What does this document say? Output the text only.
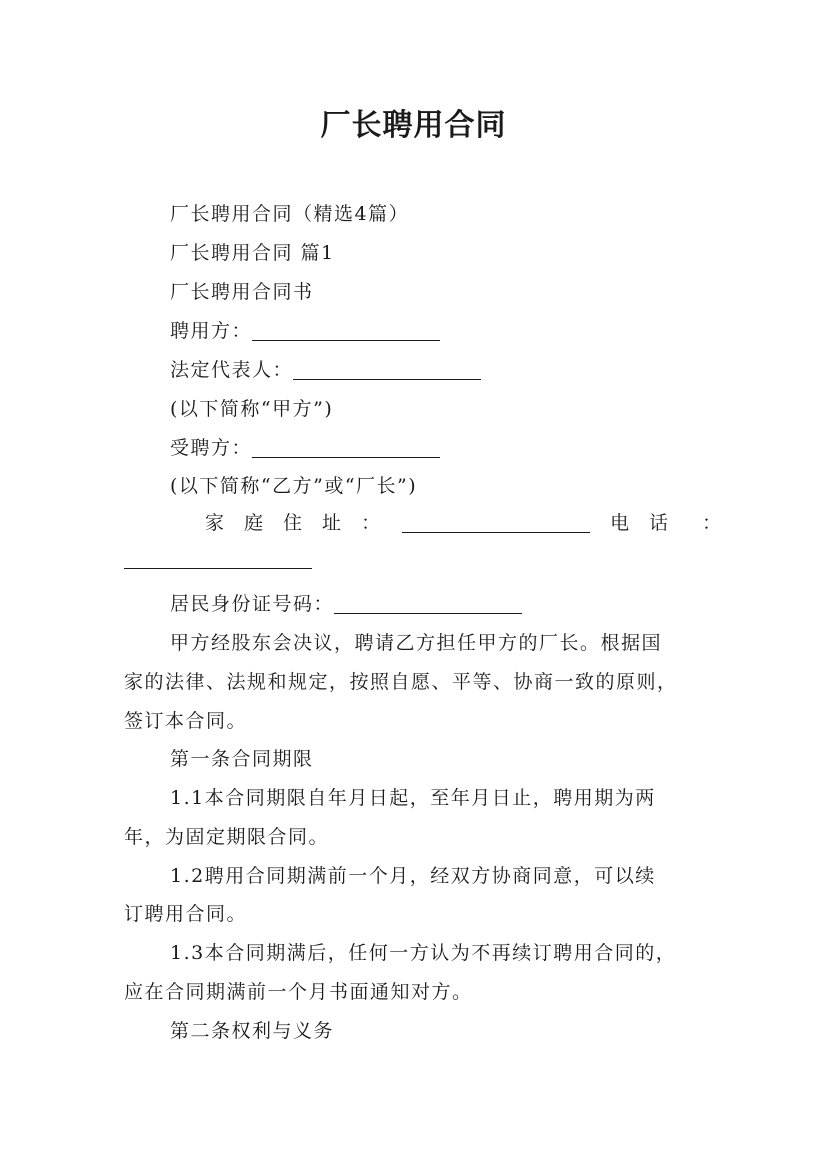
厂长聘用合同
厂长聘用合同（精选4篇）
厂长聘用合同 篇1
厂长聘用合同书
聘用方：
法定代表人：
(以下简称“甲方”)
受聘方：
(以下简称“乙方”或“厂长”)
家 庭 住 址 ：	电 话 ：
居民身份证号码：
甲方经股东会决议，聘请乙方担任甲方的厂长。根据国
家的法律、法规和规定，按照自愿、平等、协商一致的原则，
签订本合同。
第一条合同期限
1.1本合同期限自年月日起，至年月日止，聘用期为两
年，为固定期限合同。
1.2聘用合同期满前一个月，经双方协商同意，可以续
订聘用合同。
1.3本合同期满后，任何一方认为不再续订聘用合同的，
应在合同期满前一个月书面通知对方。
第二条权利与义务
